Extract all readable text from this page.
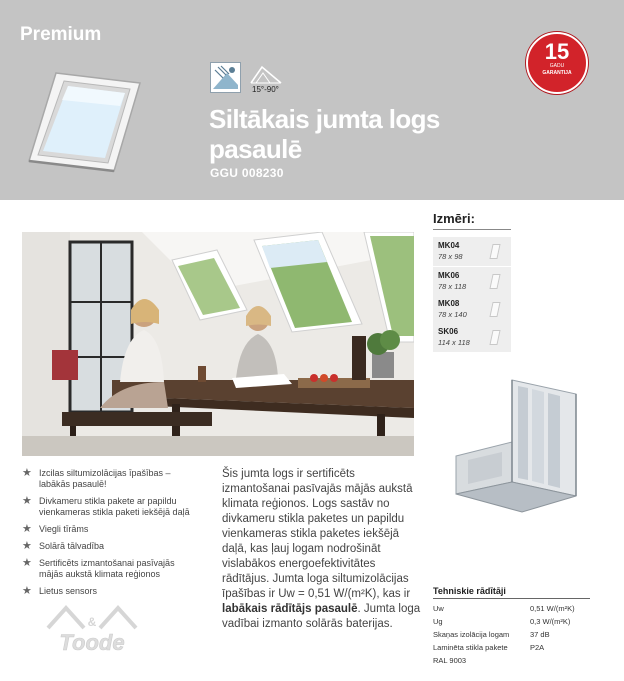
Premium
15°-90°
Siltākais jumta logs pasaulē
GGU 008230
15
GADU
GARANTIJA
Izmēri:
MK04
78 x 98
MK06
78 x 118
MK08
78 x 140
SK06
114 x 118
★ Izcilas siltumizolācijas īpašības – labākās pasaulē!
★ Divkameru stikla pakete ar papildu vienkameras stikla paketi iekšējā daļā
★ Viegli tīrāms
★ Solārā tālvadība
★ Sertificēts izmantošanai pasīvajās mājās aukstā klimata reģionos
★ Lietus sensors

Šis jumta logs ir sertificēts izmantošanai pasīvajās mājās aukstā klimata reģionos. Logs sastāv no divkameru stikla paketes un papildu vienkameras stikla paketes iekšējā daļā, kas ļauj logam nodrošināt vislabākos energoefektivitātes rādītājus. Jumta loga siltumizolācijas īpašības ir Uw = 0,51 W/(m²K), kas ir labākais rādītājs pasaulē. Jumta loga vadībai izmanto solārās baterijas.

Tehniskie rādītāji
Uw	0,51 W/(m²K)
Ug	0,3 W/(m²K)
Skaņas izolācija logam	37 dB
Laminēta stikla pakete	P2A
RAL 9003
&
Toode
